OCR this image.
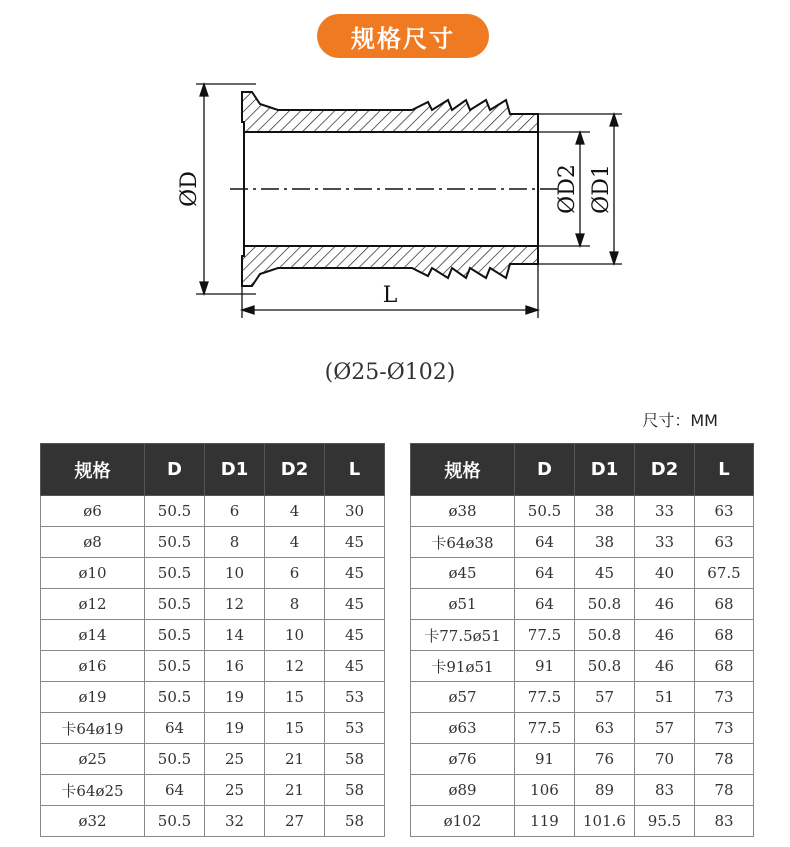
规格尺寸
ØD	ØD2 ØD1
L
(Ø25-Ø102)
尺寸：MM
规格	D	D1	D2	L
ø6	50.5	6	4	30
ø8	50.5	8	4	45
ø10	50.5	10	6	45
ø12	50.5	12	8	45
ø14	50.5	14	10	45
ø16	50.5	16	12	45
ø19	50.5	19	15	53
卡64ø19	64	19	15	53
ø25	50.5	25	21	58
卡64ø25	64	25	21	58
ø32	50.5	32	27	58
规格	D	D1	D2	L
ø38	50.5	38	33	63
卡64ø38	64	38	33	63
ø45	64	45	40	67.5
ø51	64	50.8	46	68
卡77.5ø51	77.5	50.8	46	68
卡91ø51	91	50.8	46	68
ø57	77.5	57	51	73
ø63	77.5	63	57	73
ø76	91	76	70	78
ø89	106	89	83	78
ø102	119	101.6	95.5	83
